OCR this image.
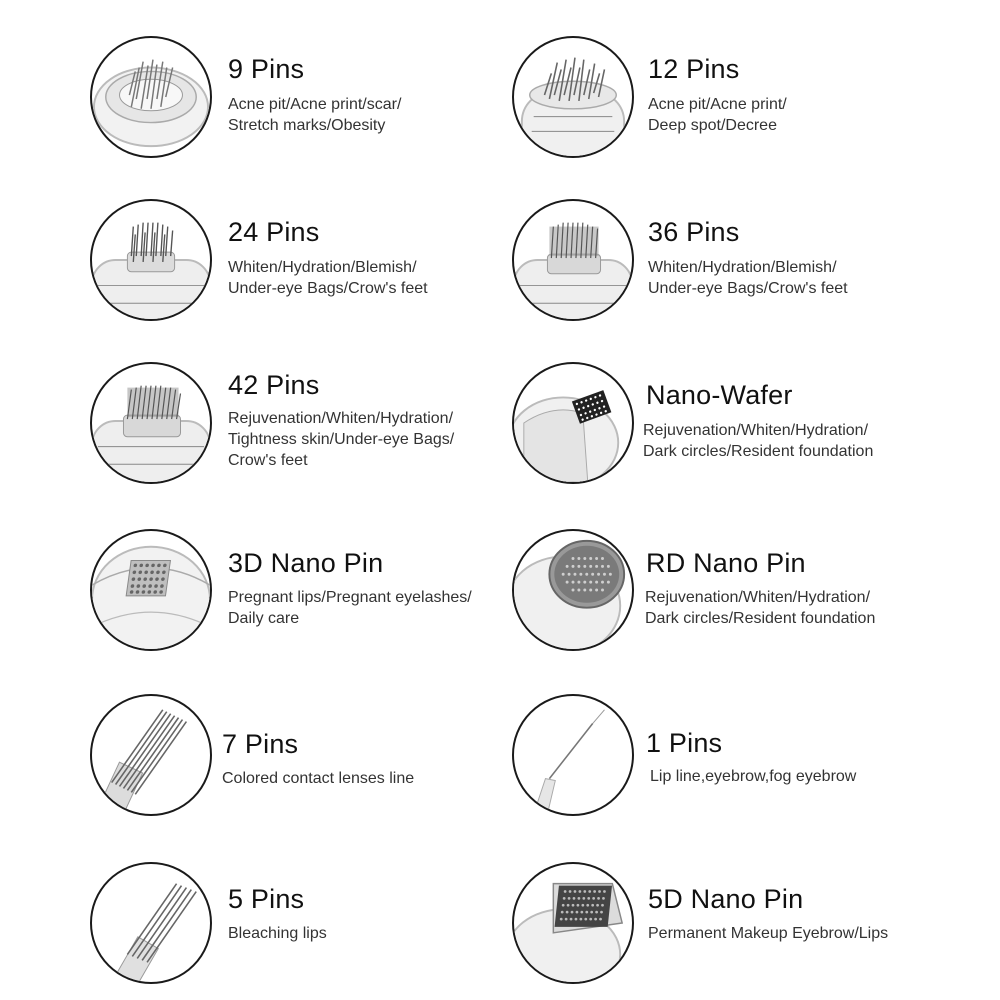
9 Pins
Acne pit/Acne print/scar/
Stretch marks/Obesity
12 Pins
Acne pit/Acne print/
Deep spot/Decree
24 Pins
Whiten/Hydration/Blemish/
Under-eye Bags/Crow's feet
36 Pins
Whiten/Hydration/Blemish/
Under-eye Bags/Crow's feet
42 Pins
Rejuvenation/Whiten/Hydration/
Tightness skin/Under-eye Bags/
Crow's feet
Nano-Wafer
Rejuvenation/Whiten/Hydration/
Dark circles/Resident foundation
3D Nano Pin
Pregnant lips/Pregnant eyelashes/
Daily care
RD Nano Pin
Rejuvenation/Whiten/Hydration/
Dark circles/Resident foundation
7 Pins
Colored contact lenses line
1 Pins
Lip line,eyebrow,fog eyebrow
5 Pins
Bleaching lips
5D Nano Pin
Permanent Makeup Eyebrow/Lips
